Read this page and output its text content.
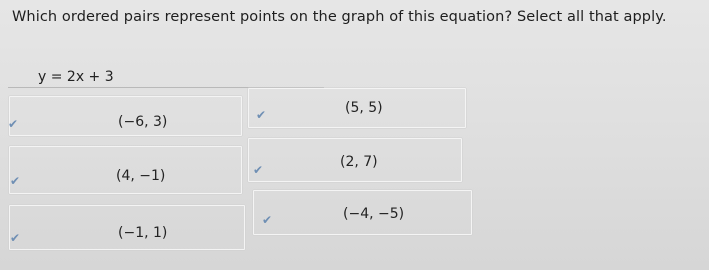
Which ordered pairs represent points on the graph of this equation? Select all that apply.
y = 2x + 3
✔	(−6, 3)	✔	(5, 5)
✔	(4, −1)	✔	(2, 7)
✔	(−1, 1)
✔	(−4, −5)
